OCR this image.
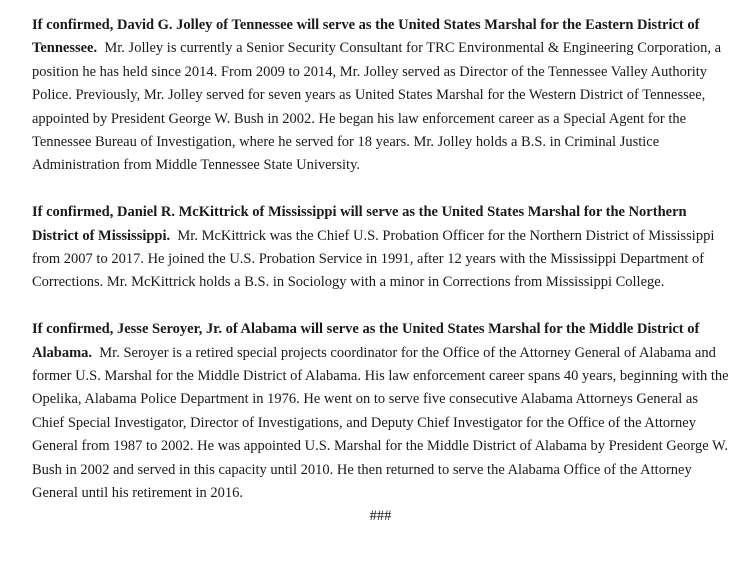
If confirmed, David G. Jolley of Tennessee will serve as the United States Marshal for the Eastern District of Tennessee. Mr. Jolley is currently a Senior Security Consultant for TRC Environmental & Engineering Corporation, a position he has held since 2014. From 2009 to 2014, Mr. Jolley served as Director of the Tennessee Valley Authority Police. Previously, Mr. Jolley served for seven years as United States Marshal for the Western District of Tennessee, appointed by President George W. Bush in 2002. He began his law enforcement career as a Special Agent for the Tennessee Bureau of Investigation, where he served for 18 years. Mr. Jolley holds a B.S. in Criminal Justice Administration from Middle Tennessee State University.

If confirmed, Daniel R. McKittrick of Mississippi will serve as the United States Marshal for the Northern District of Mississippi. Mr. McKittrick was the Chief U.S. Probation Officer for the Northern District of Mississippi from 2007 to 2017. He joined the U.S. Probation Service in 1991, after 12 years with the Mississippi Department of Corrections. Mr. McKittrick holds a B.S. in Sociology with a minor in Corrections from Mississippi College.

If confirmed, Jesse Seroyer, Jr. of Alabama will serve as the United States Marshal for the Middle District of Alabama. Mr. Seroyer is a retired special projects coordinator for the Office of the Attorney General of Alabama and former U.S. Marshal for the Middle District of Alabama. His law enforcement career spans 40 years, beginning with the Opelika, Alabama Police Department in 1976. He went on to serve five consecutive Alabama Attorneys General as Chief Special Investigator, Director of Investigations, and Deputy Chief Investigator for the Office of the Attorney General from 1987 to 2002. He was appointed U.S. Marshal for the Middle District of Alabama by President George W. Bush in 2002 and served in this capacity until 2010. He then returned to serve the Alabama Office of the Attorney General until his retirement in 2016.

###
